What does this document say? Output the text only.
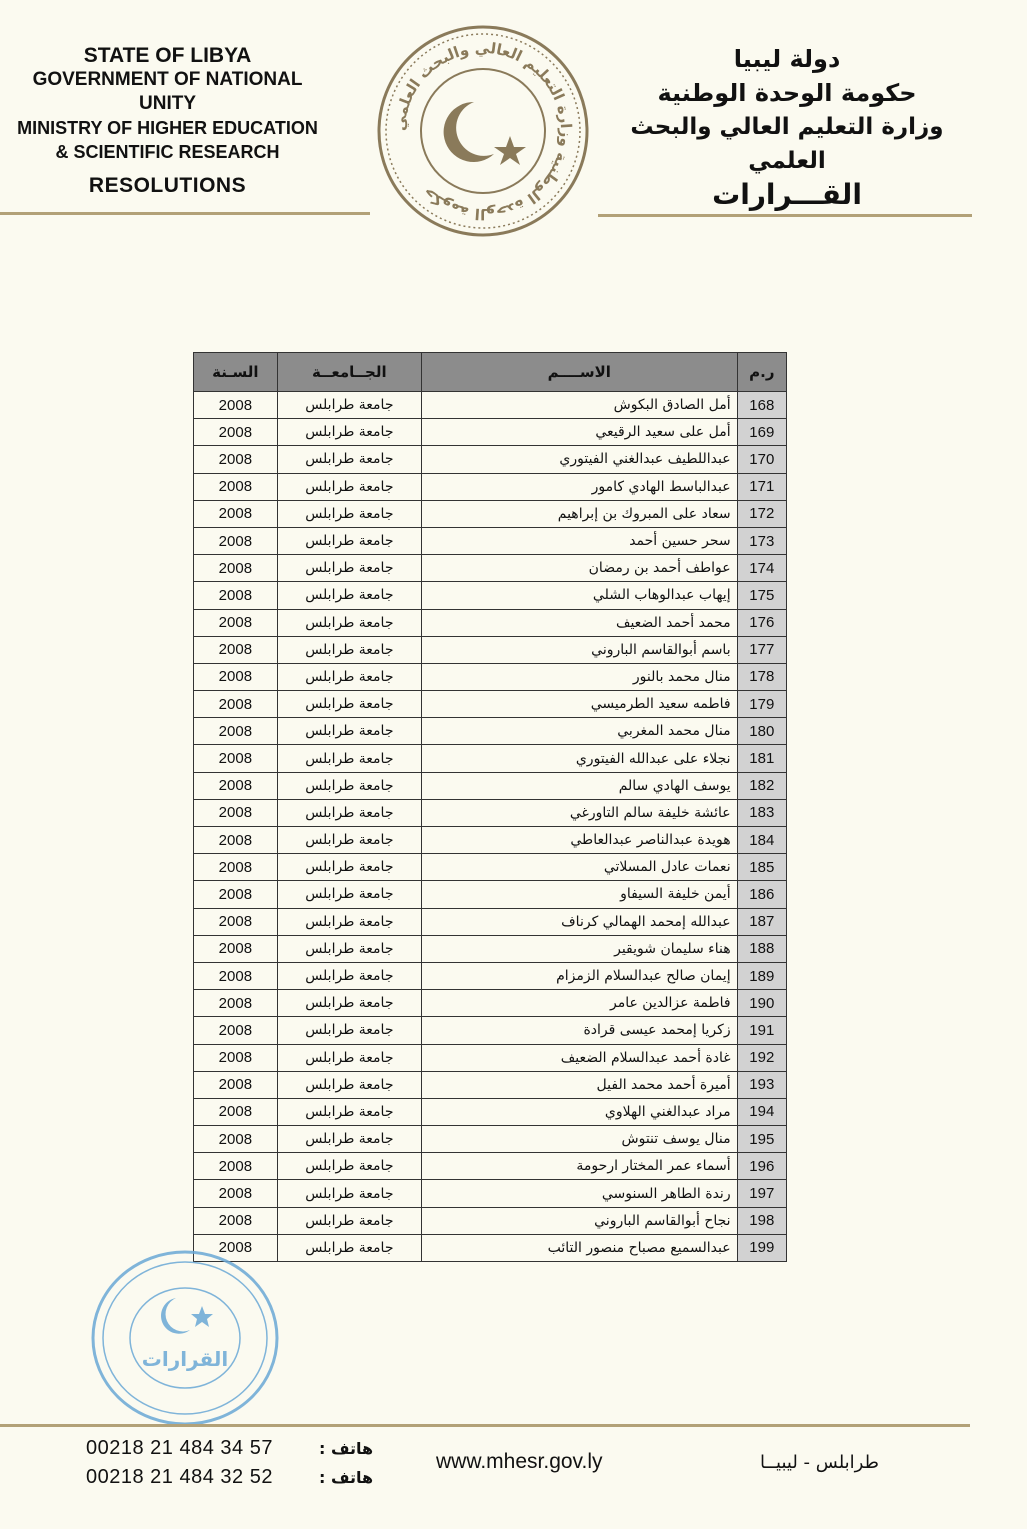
STATE OF LIBYA
GOVERNMENT OF NATIONAL UNITY
MINISTRY OF HIGHER EDUCATION
& SCIENTIFIC RESEARCH
RESOLUTIONS
دولة ليبيا
حكومة الوحدة الوطنية
وزارة التعليم العالي والبحث العلمي
القـــرارات
حكومة الوحدة الوطنية وزارة التعليم العالي والبحث العلمي
ر.م	الاســــم	الجــامعــة	السـنة
168	أمل الصادق البكوش	جامعة طرابلس	2008
169	أمل على سعيد الرقيعي	جامعة طرابلس	2008
170	عبداللطيف عبدالغني الفيتوري	جامعة طرابلس	2008
171	عبدالباسط الهادي كامور	جامعة طرابلس	2008
172	سعاد على المبروك بن إبراهيم	جامعة طرابلس	2008
173	سحر حسين أحمد	جامعة طرابلس	2008
174	عواطف أحمد بن رمضان	جامعة طرابلس	2008
175	إيهاب عبدالوهاب الشلي	جامعة طرابلس	2008
176	محمد أحمد الضعيف	جامعة طرابلس	2008
177	باسم أبوالقاسم الباروني	جامعة طرابلس	2008
178	منال محمد بالنور	جامعة طرابلس	2008
179	فاطمه سعيد الطرميسي	جامعة طرابلس	2008
180	منال محمد المغربي	جامعة طرابلس	2008
181	نجلاء على عبدالله الفيتوري	جامعة طرابلس	2008
182	يوسف الهادي سالم	جامعة طرابلس	2008
183	عائشة خليفة سالم التاورغي	جامعة طرابلس	2008
184	هويدة عبدالناصر عبدالعاطي	جامعة طرابلس	2008
185	نعمات عادل المسلاتي	جامعة طرابلس	2008
186	أيمن خليفة السيفاو	جامعة طرابلس	2008
187	عبدالله إمحمد الهمالي كرناف	جامعة طرابلس	2008
188	هناء سليمان شويقير	جامعة طرابلس	2008
189	إيمان صالح عبدالسلام الزمزام	جامعة طرابلس	2008
190	فاطمة عزالدين عامر	جامعة طرابلس	2008
191	زكريا إمحمد عيسى قرادة	جامعة طرابلس	2008
192	غادة أحمد عبدالسلام الضعيف	جامعة طرابلس	2008
193	أميرة أحمد محمد الفيل	جامعة طرابلس	2008
194	مراد عبدالغني الهلاوي	جامعة طرابلس	2008
195	منال يوسف تنتوش	جامعة طرابلس	2008
196	أسماء عمر المختار ارحومة	جامعة طرابلس	2008
197	رندة الطاهر السنوسي	جامعة طرابلس	2008
198	نجاح أبوالقاسم الباروني	جامعة طرابلس	2008
199	عبدالسميع مصباح منصور التائب	جامعة طرابلس	2008
القرارات
00218 21 484 34 57	هاتف :
00218 21 484 32 52	هاتف :
www.mhesr.gov.ly	طرابلس - ليبيــا
